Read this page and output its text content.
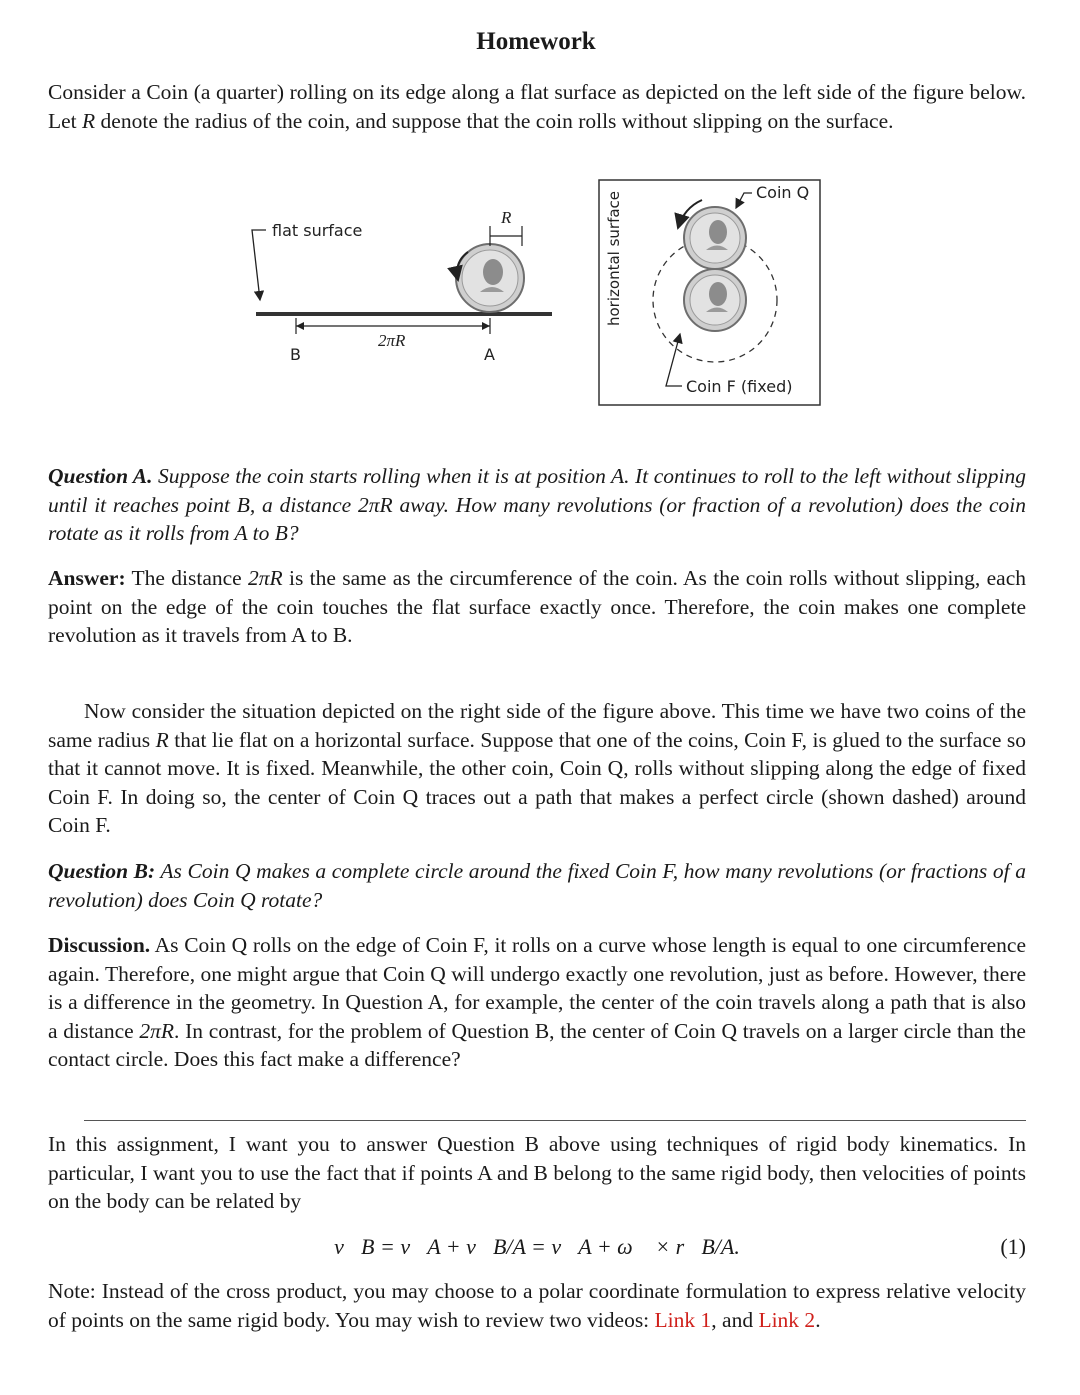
Homework
Consider a Coin (a quarter) rolling on its edge along a flat surface as depicted on the left side of the figure below. Let R denote the radius of the coin, and suppose that the coin rolls without slipping on the surface.
flat surface
R
2πR
B	A
horizontal surface	Coin Q
Coin F (fixed)
Question A. Suppose the coin starts rolling when it is at position A. It continues to roll to the left without slipping until it reaches point B, a distance 2πR away. How many revolutions (or fraction of a revolution) does the coin rotate as it rolls from A to B?
Answer: The distance 2πR is the same as the circumference of the coin. As the coin rolls without slipping, each point on the edge of the coin touches the flat surface exactly once. Therefore, the coin makes one complete revolution as it travels from A to B.
Now consider the situation depicted on the right side of the figure above. This time we have two coins of the same radius R that lie flat on a horizontal surface. Suppose that one of the coins, Coin F, is glued to the surface so that it cannot move. It is fixed. Meanwhile, the other coin, Coin Q, rolls without slipping along the edge of fixed Coin F. In doing so, the center of Coin Q traces out a path that makes a perfect circle (shown dashed) around Coin F.
Question B: As Coin Q makes a complete circle around the fixed Coin F, how many revolutions (or fractions of a revolution) does Coin Q rotate?
Discussion. As Coin Q rolls on the edge of Coin F, it rolls on a curve whose length is equal to one circumference again. Therefore, one might argue that Coin Q will undergo exactly one revolution, just as before. However, there is a difference in the geometry. In Question A, for example, the center of the coin travels along a path that is also a distance 2πR. In contrast, for the problem of Question B, the center of Coin Q travels on a larger circle than the contact circle. Does this fact make a difference?
In this assignment, I want you to answer Question B above using techniques of rigid body kinematics. In particular, I want you to use the fact that if points A and B belong to the same rigid body, then velocities of points on the body can be related by
v⃗B = v⃗A + v⃗B/A = v⃗A + ω⃗ × r⃗B/A.	(1)
Note: Instead of the cross product, you may choose to a polar coordinate formulation to express relative velocity of points on the same rigid body. You may wish to review two videos: Link 1, and Link 2.
